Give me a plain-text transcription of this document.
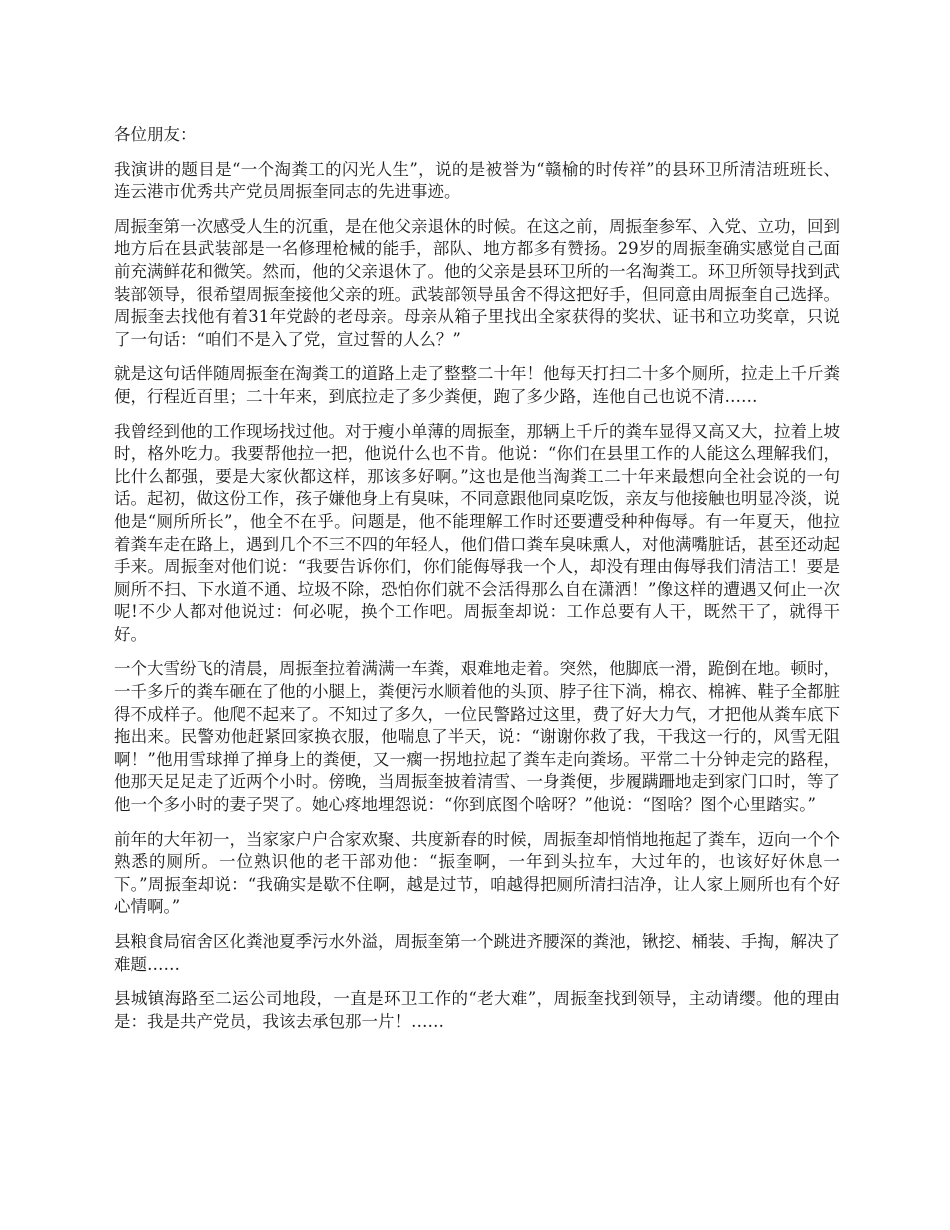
各位朋友：

我演讲的题目是“一个淘粪工的闪光人生”，说的是被誉为“赣榆的时传祥”的县环卫所清洁班班长、连云港市优秀共产党员周振奎同志的先进事迹。

周振奎第一次感受人生的沉重，是在他父亲退休的时候。在这之前，周振奎参军、入党、立功，回到地方后在县武装部是一名修理枪械的能手，部队、地方都多有赞扬。29岁的周振奎确实感觉自己面前充满鲜花和微笑。然而，他的父亲退休了。他的父亲是县环卫所的一名淘粪工。环卫所领导找到武装部领导，很希望周振奎接他父亲的班。武装部领导虽舍不得这把好手，但同意由周振奎自己选择。周振奎去找他有着31年党龄的老母亲。母亲从箱子里找出全家获得的奖状、证书和立功奖章，只说了一句话：“咱们不是入了党，宣过誓的人么？”

就是这句话伴随周振奎在淘粪工的道路上走了整整二十年！他每天打扫二十多个厕所，拉走上千斤粪便，行程近百里；二十年来，到底拉走了多少粪便，跑了多少路，连他自己也说不清……

我曾经到他的工作现场找过他。对于瘦小单薄的周振奎，那辆上千斤的粪车显得又高又大，拉着上坡时，格外吃力。我要帮他拉一把，他说什么也不肯。他说：“你们在县里工作的人能这么理解我们，比什么都强，要是大家伙都这样，那该多好啊。”这也是他当淘粪工二十年来最想向全社会说的一句话。起初，做这份工作，孩子嫌他身上有臭味，不同意跟他同桌吃饭，亲友与他接触也明显冷淡，说他是“厕所所长”，他全不在乎。问题是，他不能理解工作时还要遭受种种侮辱。有一年夏天，他拉着粪车走在路上，遇到几个不三不四的年轻人，他们借口粪车臭味熏人，对他满嘴脏话，甚至还动起手来。周振奎对他们说：“我要告诉你们，你们能侮辱我一个人，却没有理由侮辱我们清洁工！要是厕所不扫、下水道不通、垃圾不除，恐怕你们就不会活得那么自在潇洒！”像这样的遭遇又何止一次呢!不少人都对他说过：何必呢，换个工作吧。周振奎却说：工作总要有人干，既然干了，就得干好。

一个大雪纷飞的清晨，周振奎拉着满满一车粪，艰难地走着。突然，他脚底一滑，跪倒在地。顿时，一千多斤的粪车砸在了他的小腿上，粪便污水顺着他的头顶、脖子往下淌，棉衣、棉裤、鞋子全都脏得不成样子。他爬不起来了。不知过了多久，一位民警路过这里，费了好大力气，才把他从粪车底下拖出来。民警劝他赶紧回家换衣服，他喘息了半天，说：“谢谢你救了我，干我这一行的，风雪无阻啊！”他用雪球掸了掸身上的粪便，又一瘸一拐地拉起了粪车走向粪场。平常二十分钟走完的路程，他那天足足走了近两个小时。傍晚，当周振奎披着清雪、一身粪便，步履蹒跚地走到家门口时，等了他一个多小时的妻子哭了。她心疼地埋怨说：“你到底图个啥呀？”他说：“图啥？图个心里踏实。”

前年的大年初一，当家家户户合家欢聚、共度新春的时候，周振奎却悄悄地拖起了粪车，迈向一个个熟悉的厕所。一位熟识他的老干部劝他：“振奎啊，一年到头拉车，大过年的，也该好好休息一下。”周振奎却说：“我确实是歇不住啊，越是过节，咱越得把厕所清扫洁净，让人家上厕所也有个好心情啊。”

县粮食局宿舍区化粪池夏季污水外溢，周振奎第一个跳进齐腰深的粪池，锹挖、桶装、手掏，解决了难题……

县城镇海路至二运公司地段，一直是环卫工作的“老大难”，周振奎找到领导，主动请缨。他的理由是：我是共产党员，我该去承包那一片！……
